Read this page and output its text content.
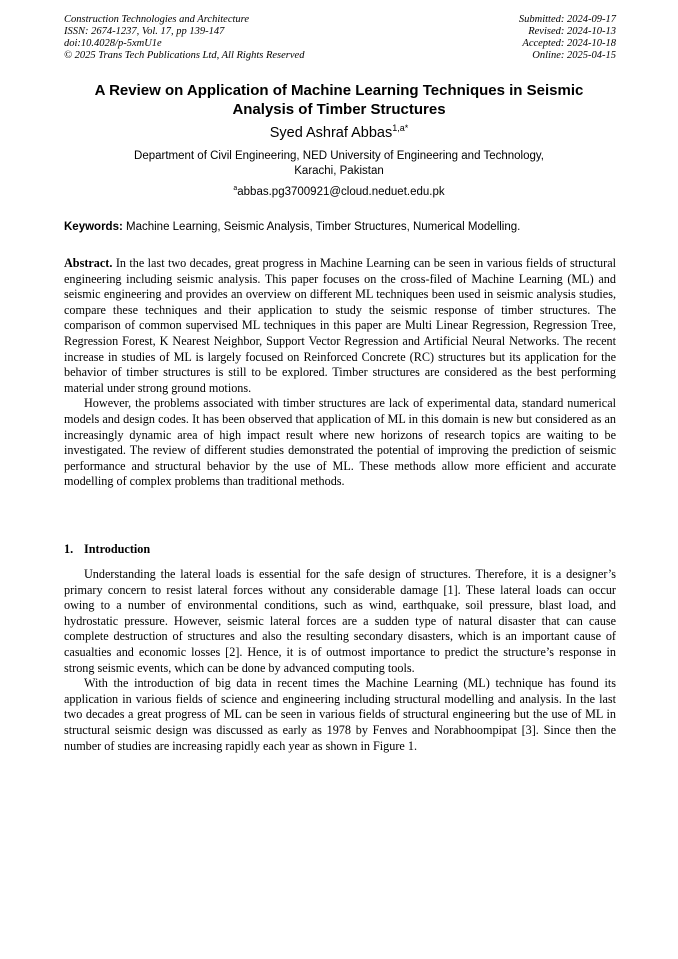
Construction Technologies and Architecture
ISSN: 2674-1237, Vol. 17, pp 139-147
doi:10.4028/p-5xmU1e
© 2025 Trans Tech Publications Ltd, All Rights Reserved
Submitted: 2024-09-17
Revised: 2024-10-13
Accepted: 2024-10-18
Online: 2025-04-15
A Review on Application of Machine Learning Techniques in Seismic
Analysis of Timber Structures
Syed Ashraf Abbas$^{1,a*}$
Department of Civil Engineering, NED University of Engineering and Technology,
Karachi, Pakistan
$^a$abbas.pg3700921@cloud.neduet.edu.pk
Keywords: Machine Learning, Seismic Analysis, Timber Structures, Numerical Modelling.

Abstract. In the last two decades, great progress in Machine Learning can be seen in various fields of structural engineering including seismic analysis. This paper focuses on the cross-filed of Machine Learning (ML) and seismic engineering and provides an overview on different ML techniques been used in seismic analysis studies, compare these techniques and their application to study the seismic response of timber structures. The comparison of common supervised ML techniques in this paper are Multi Linear Regression, Regression Tree, Regression Forest, K Nearest Neighbor, Support Vector Regression and Artificial Neural Networks. The recent increase in studies of ML is largely focused on Reinforced Concrete (RC) structures but its application for the behavior of timber structures is still to be explored. Timber structures are considered as the best performing material under strong ground motions.

However, the problems associated with timber structures are lack of experimental data, standard numerical models and design codes. It has been observed that application of ML in this domain is new but considered as an increasingly dynamic area of high impact result where new horizons of research topics are waiting to be investigated. The review of different studies demonstrated the potential of improving the prediction of seismic performance and structural behavior by the use of ML. These methods allow more efficient and accurate modelling of complex problems than traditional methods.

1. Introduction

Understanding the lateral loads is essential for the safe design of structures. Therefore, it is a designer’s primary concern to resist lateral forces without any considerable damage [1]. These lateral loads can occur owing to a number of environmental conditions, such as wind, earthquake, soil pressure, blast load, and hydrostatic pressure. However, seismic lateral forces are a sudden type of natural disaster that can cause complete destruction of structures and also the resulting secondary disasters, which is an important cause of casualties and economic losses [2]. Hence, it is of outmost importance to predict the structure’s response in strong seismic events, which can be done by advanced computing tools.

With the introduction of big data in recent times the Machine Learning (ML) technique has found its application in various fields of science and engineering including structural modelling and analysis. In the last two decades a great progress of ML can be seen in various fields of structural engineering but the use of ML in structural seismic design was discussed as early as 1978 by Fenves and Norabhoompipat [3]. Since then the number of studies are increasing rapidly each year as shown in Figure 1.
